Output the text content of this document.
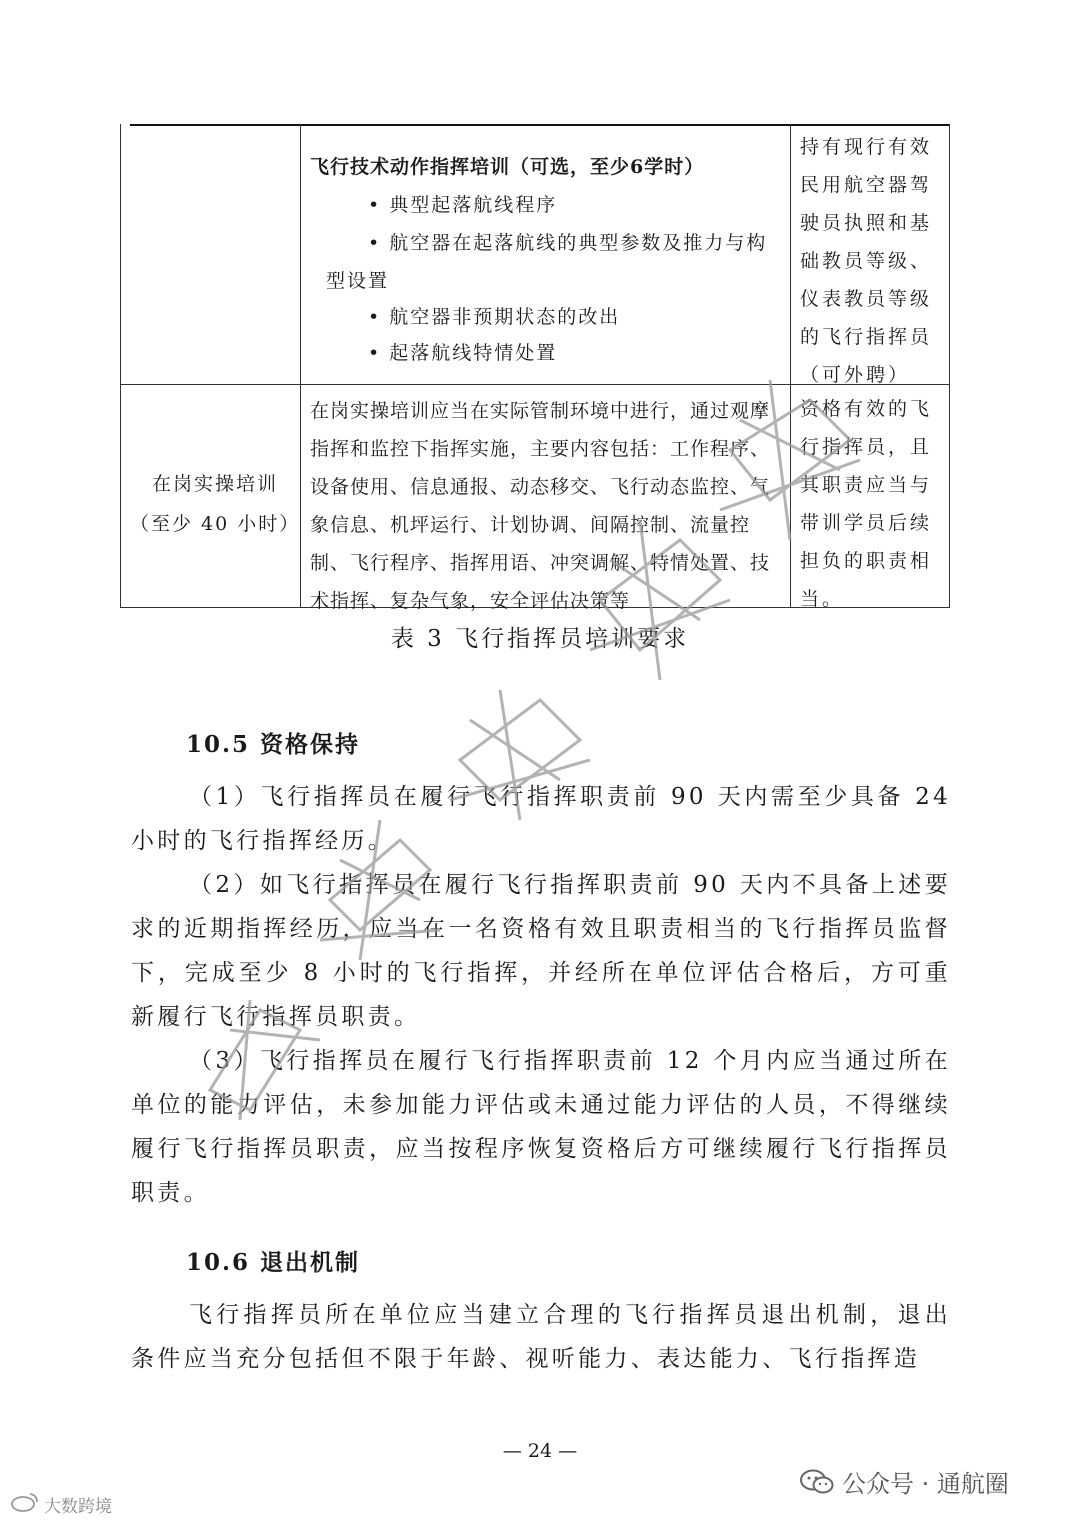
飞行技术动作指挥培训（可选，至少6学时）
• 典型起落航线程序
• 航空器在起落航线的典型参数及推力与构
型设置
• 航空器非预期状态的改出
• 起落航线特情处置
持有现行有效
民用航空器驾
驶员执照和基
础教员等级、
仪表教员等级
的飞行指挥员
（可外聘）
在岗实操培训
（至少 40 小时）
在岗实操培训应当在实际管制环境中进行，通过观摩指挥和监控下指挥实施，主要内容包括：工作程序、设备使用、信息通报、动态移交、飞行动态监控、气象信息、机坪运行、计划协调、间隔控制、流量控制、飞行程序、指挥用语、冲突调解、特情处置、技术指挥、复杂气象，安全评估决策等
资格有效的飞
行指挥员，且
其职责应当与
带训学员后续
担负的职责相
当。
表 3 飞行指挥员培训要求
10.5 资格保持
（1）飞行指挥员在履行飞行指挥职责前 90 天内需至少具备 24 小时的飞行指挥经历。
（2）如飞行指挥员在履行飞行指挥职责前 90 天内不具备上述要求的近期指挥经历，应当在一名资格有效且职责相当的飞行指挥员监督下，完成至少 8 小时的飞行指挥，并经所在单位评估合格后，方可重新履行飞行指挥员职责。
（3）飞行指挥员在履行飞行指挥职责前 12 个月内应当通过所在单位的能力评估，未参加能力评估或未通过能力评估的人员，不得继续履行飞行指挥员职责，应当按程序恢复资格后方可继续履行飞行指挥员职责。
10.6 退出机制
飞行指挥员所在单位应当建立合理的飞行指挥员退出机制，退出条件应当充分包括但不限于年龄、视听能力、表达能力、飞行指挥造
— 24 —
公众号 · 通航圈
大数跨境
